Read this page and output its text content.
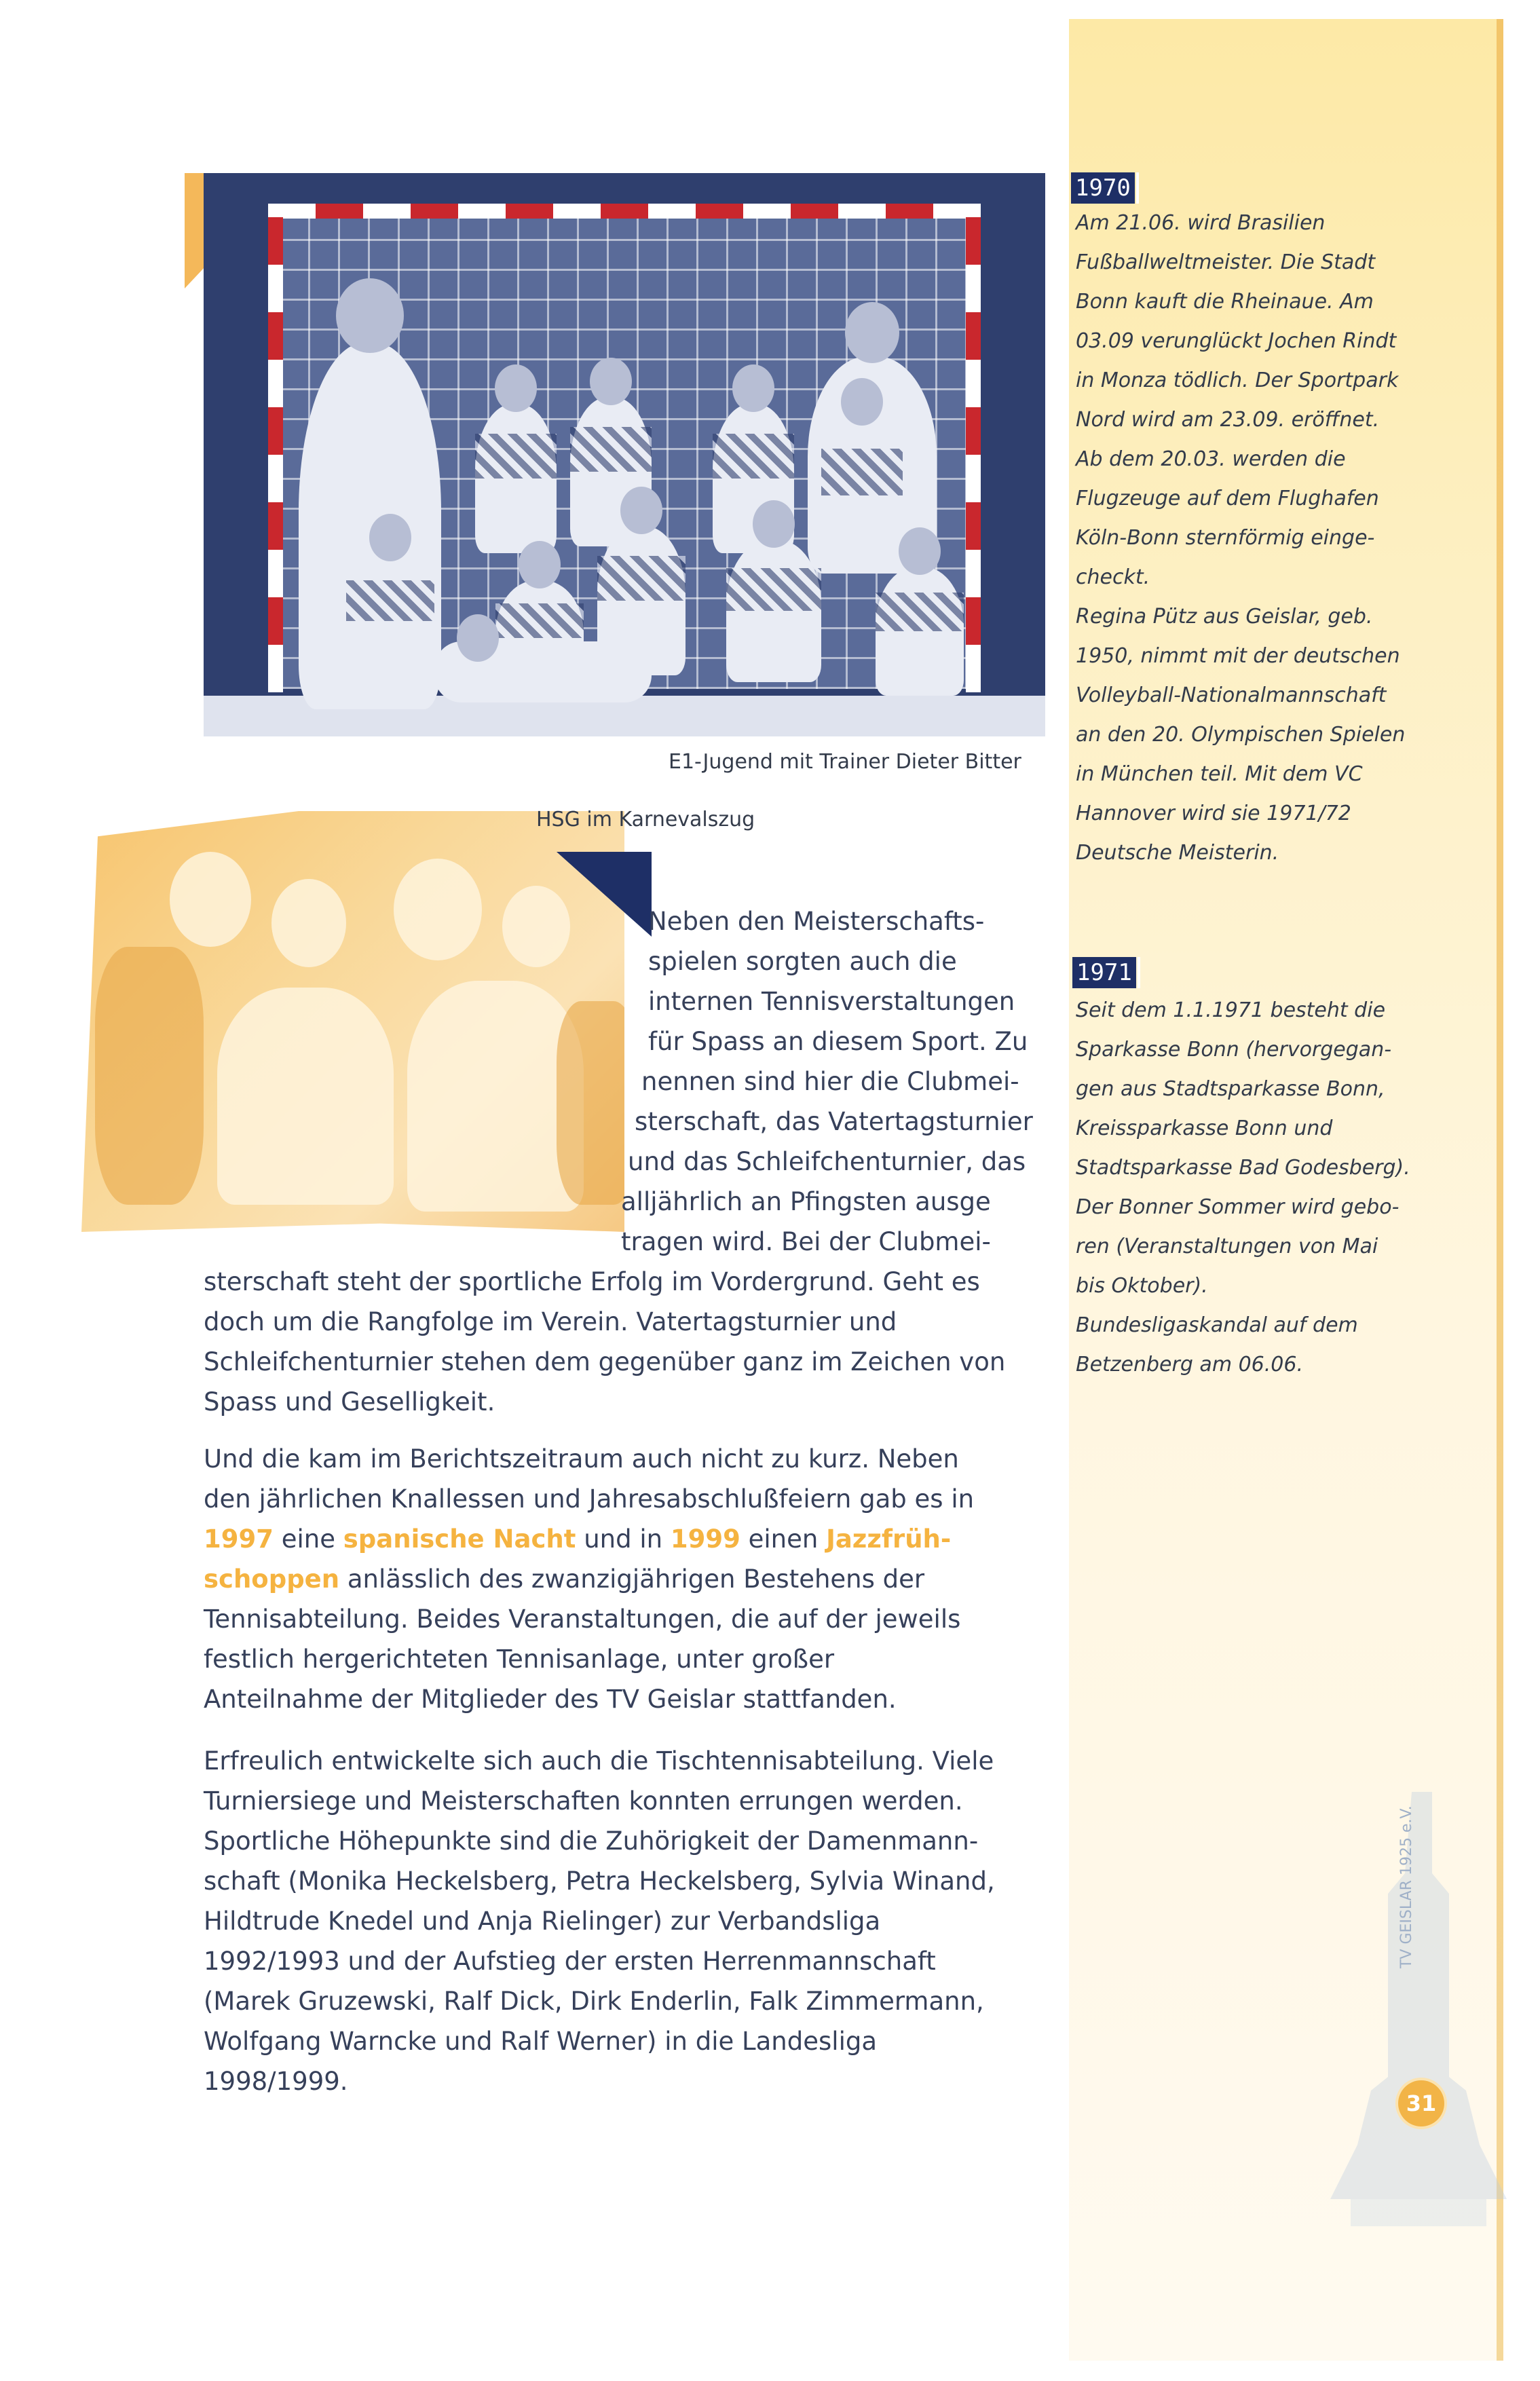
E1-Jugend mit Trainer Dieter Bitter
HSG im Karnevalszug
Neben den Meisterschafts-
spielen sorgten auch die
internen Tennisverstaltungen
für Spass an diesem Sport. Zu
nennen sind hier die Clubmei-
sterschaft, das Vatertagsturnier
und das Schleifchenturnier, das
alljährlich an Pfingsten ausge
tragen wird. Bei der Clubmei-
sterschaft steht der sportliche Erfolg im Vordergrund. Geht es
doch um die Rangfolge im Verein. Vatertagsturnier und
Schleifchenturnier stehen dem gegenüber ganz im Zeichen von
Spass und Geselligkeit.
Und die kam im Berichtszeitraum auch nicht zu kurz. Neben
den jährlichen Knallessen und Jahresabschlußfeiern gab es in
1997 eine spanische Nacht und in 1999 einen Jazzfrüh-
schoppen anlässlich des zwanzigjährigen Bestehens der
Tennisabteilung. Beides Veranstaltungen, die auf der jeweils
festlich hergerichteten Tennisanlage, unter großer
Anteilnahme der Mitglieder des TV Geislar stattfanden.
Erfreulich entwickelte sich auch die Tischtennisabteilung. Viele
Turniersiege und Meisterschaften konnten errungen werden.
Sportliche Höhepunkte sind die Zuhörigkeit der Damenmann-
schaft (Monika Heckelsberg, Petra Heckelsberg, Sylvia Winand,
Hildtrude Knedel und Anja Rielinger) zur Verbandsliga
1992/1993 und der Aufstieg der ersten Herrenmannschaft
(Marek Gruzewski, Ralf Dick, Dirk Enderlin, Falk Zimmermann,
Wolfgang Warncke und Ralf Werner) in die Landesliga
1998/1999.
1970
Am 21.06. wird Brasilien
Fußballweltmeister. Die Stadt
Bonn kauft die Rheinaue. Am
03.09 verunglückt Jochen Rindt
in Monza tödlich. Der Sportpark
Nord wird am 23.09. eröffnet.
Ab dem 20.03. werden die
Flugzeuge auf dem Flughafen
Köln-Bonn sternförmig einge-
checkt.
Regina Pütz aus Geislar, geb.
1950, nimmt mit der deutschen
Volleyball-Nationalmannschaft
an den 20. Olympischen Spielen
in München teil. Mit dem VC
Hannover wird sie 1971/72
Deutsche Meisterin.
1971
Seit dem 1.1.1971 besteht die
Sparkasse Bonn (hervorgegan-
gen aus Stadtsparkasse Bonn,
Kreissparkasse Bonn und
Stadtsparkasse Bad Godesberg).
Der Bonner Sommer wird gebo-
ren (Veranstaltungen von Mai
bis Oktober).
Bundesligaskandal auf dem
Betzenberg am 06.06.
TV GEISLAR 1925 e.V.
31
